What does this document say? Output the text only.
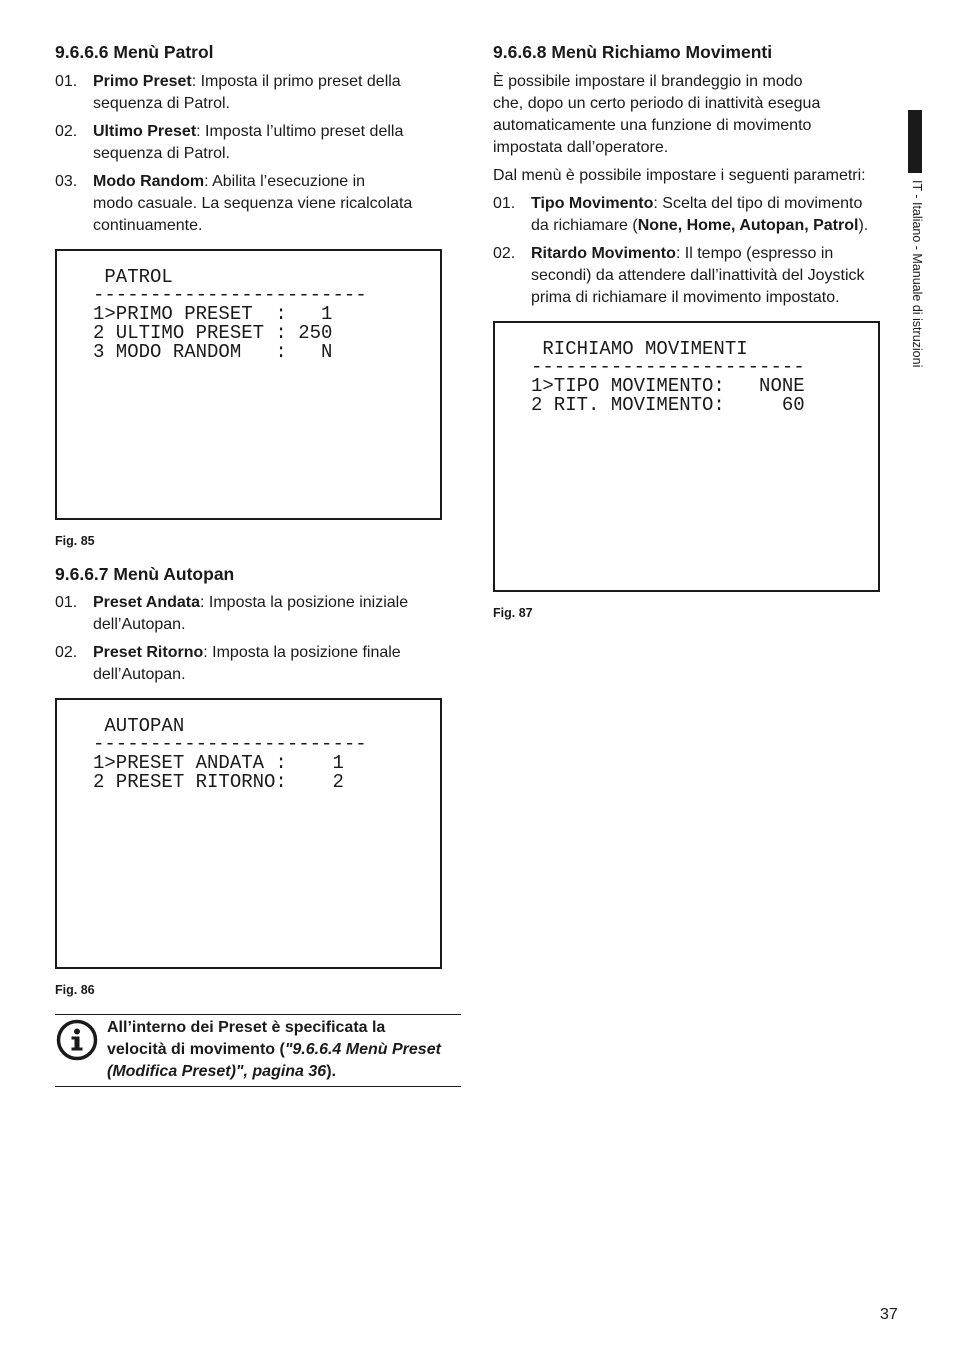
9.6.6.6 Menù Patrol
01. Primo Preset: Imposta il primo preset della
sequenza di Patrol.
02. Ultimo Preset: Imposta l’ultimo preset della
sequenza di Patrol.
03. Modo Random: Abilita l’esecuzione in
modo casuale. La sequenza viene ricalcolata
continuamente.
PATROL
------------------------
1>PRIMO PRESET  :   1
2 ULTIMO PRESET : 250
3 MODO RANDOM   :   N
Fig. 85
9.6.6.7 Menù Autopan
01. Preset Andata: Imposta la posizione iniziale
dell’Autopan.
02. Preset Ritorno: Imposta la posizione finale
dell’Autopan.
AUTOPAN
------------------------
1>PRESET ANDATA :    1
2 PRESET RITORNO:    2
Fig. 86
All’interno dei Preset è specificata la
velocità di movimento ("9.6.6.4 Menù Preset
(Modifica Preset)", pagina 36).
9.6.6.8 Menù Richiamo Movimenti

È possibile impostare il brandeggio in modo
che, dopo un certo periodo di inattività esegua
automaticamente una funzione di movimento
impostata dall’operatore.

Dal menù è possibile impostare i seguenti parametri:

01. Tipo Movimento: Scelta del tipo di movimento
da richiamare (None, Home, Autopan, Patrol).
02. Ritardo Movimento: Il tempo (espresso in
secondi) da attendere dall’inattività del Joystick
prima di richiamare il movimento impostato.
RICHIAMO MOVIMENTI
------------------------
1>TIPO MOVIMENTO:   NONE
2 RIT. MOVIMENTO:     60
Fig. 87
IT - Italiano - Manuale di istruzioni
37
